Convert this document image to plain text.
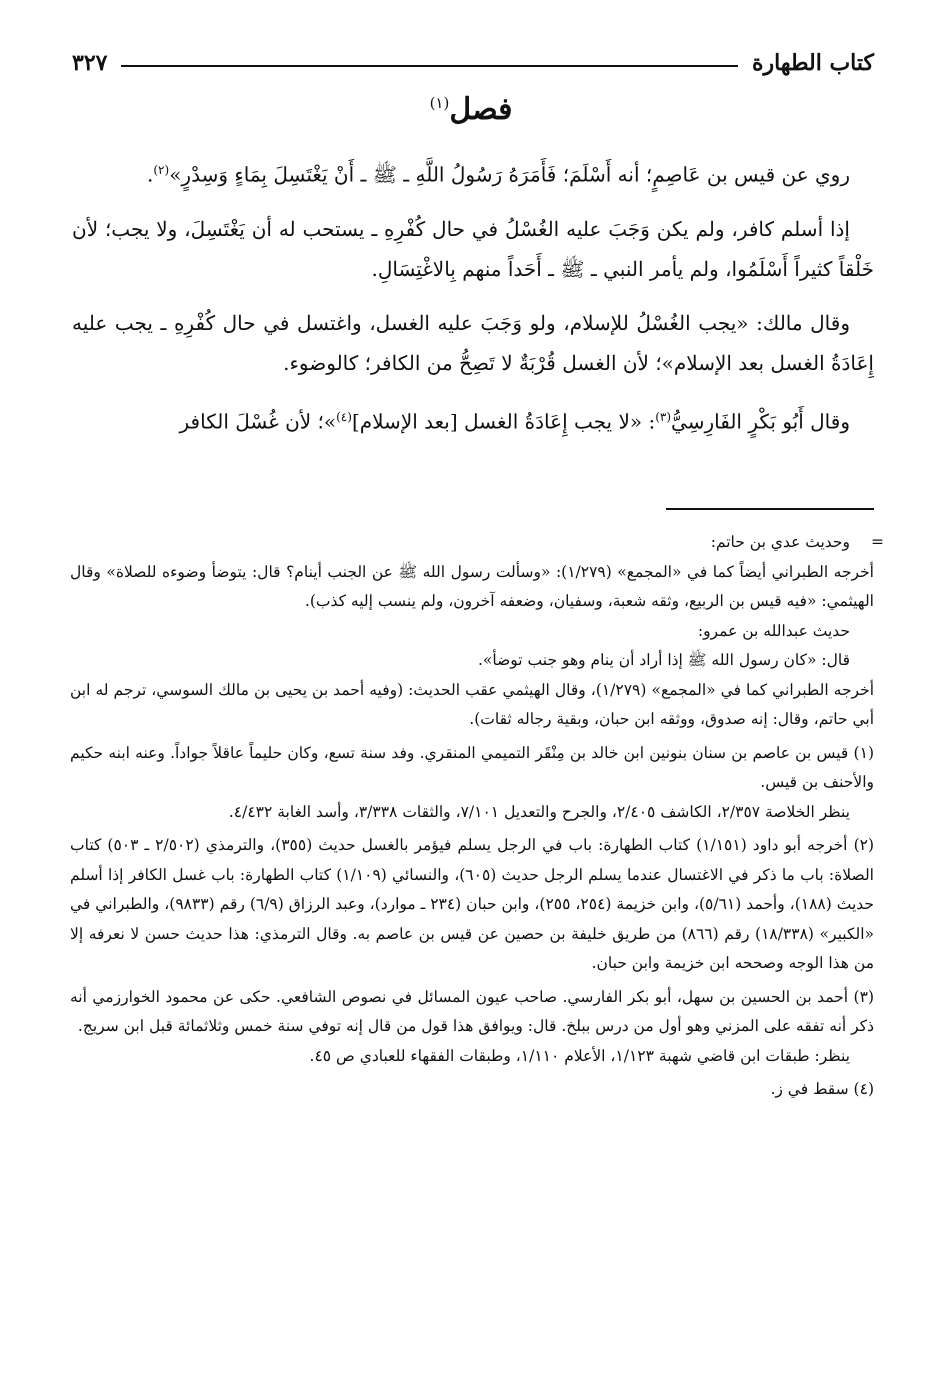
كتاب الطهارة
٣٢٧
فصل$^{(١)}$

روي عن قيس بن عَاصِمٍ؛ أنه أَسْلَمَ؛ فَأَمَرَهُ رَسُولُ اللَّهِ ـ ﷺ ـ أَنْ يَغْتَسِلَ بِمَاءٍ وَسِدْرٍ»$^{(٢)}$.

إذا أسلم كافر، ولم يكن وَجَبَ عليه الغُسْلُ في حال كُفْرِهِ ـ يستحب له أن يَغْتَسِلَ، ولا يجب؛ لأن خَلْقاً كثيراً أَسْلَمُوا، ولم يأمر النبي ـ ﷺ ـ أَحَداً منهم بِالاغْتِسَالِ.

وقال مالك: «يجب الغُسْلُ للإسلام، ولو وَجَبَ عليه الغسل، واغتسل في حال كُفْرِهِ ـ يجب عليه إِعَادَةُ الغسل بعد الإسلام»؛ لأن الغسل قُرْبَةٌ لا تَصِحُّ من الكافر؛ كالوضوء.

وقال أَبُو بَكْرٍ الفَارِسِيُّ$^{(٣)}$: «لا يجب إِعَادَةُ الغسل [بعد الإسلام]$^{(٤)}$»؛ لأن غُسْلَ الكافر

=

وحديث عدي بن حاتم:

أخرجه الطبراني أيضاً كما في «المجمع» (١/٢٧٩): «وسألت رسول الله ﷺ عن الجنب أينام؟ قال: يتوضأ وضوءه للصلاة» وقال الهيثمي: «فيه قيس بن الربيع، وثقه شعبة، وسفيان، وضعفه آخرون، ولم ينسب إليه كذب).

حديث عبدالله بن عمرو:

قال: «كان رسول الله ﷺ إذا أراد أن ينام وهو جنب توضأ».

أخرجه الطبراني كما في «المجمع» (١/٢٧٩)، وقال الهيثمي عقب الحديث: (وفيه أحمد بن يحيى بن مالك السوسي، ترجم له ابن أبي حاتم، وقال: إنه صدوق، ووثقه ابن حبان، وبقية رجاله ثقات).

(١) قيس بن عاصم بن سنان بنونين ابن خالد بن مِنْقَر التميمي المنقري. وفد سنة تسع، وكان حليماً عاقلاً جواداً. وعنه ابنه حكيم والأحنف بن قيس.

ينظر الخلاصة ٢/٣٥٧، الكاشف ٢/٤٠٥، والجرح والتعديل ٧/١٠١، والثقات ٣/٣٣٨، وأسد الغابة ٤/٤٣٢.

(٢) أخرجه أبو داود (١/١٥١) كتاب الطهارة: باب في الرجل يسلم فيؤمر بالغسل حديث (٣٥٥)، والترمذي (٢/٥٠٢ ـ ٥٠٣) كتاب الصلاة: باب ما ذكر في الاغتسال عندما يسلم الرجل حديث (٦٠٥)، والنسائي (١/١٠٩) كتاب الطهارة: باب غسل الكافر إذا أسلم حديث (١٨٨)، وأحمد (٥/٦١)، وابن خزيمة (٢٥٤، ٢٥٥)، وابن حبان (٢٣٤ ـ موارد)، وعبد الرزاق (٦/٩) رقم (٩٨٣٣)، والطبراني في «الكبير» (١٨/٣٣٨) رقم (٨٦٦) من طريق خليفة بن حصين عن قيس بن عاصم به. وقال الترمذي: هذا حديث حسن لا نعرفه إلا من هذا الوجه وصححه ابن خزيمة وابن حبان.

(٣) أحمد بن الحسين بن سهل، أبو بكر الفارسي. صاحب عيون المسائل في نصوص الشافعي. حكى عن محمود الخوارزمي أنه ذكر أنه تفقه على المزني وهو أول من درس ببلخ. قال: ويوافق هذا قول من قال إنه توفي سنة خمس وثلاثمائة قبل ابن سريج.

ينظر: طبقات ابن قاضي شهبة ١/١٢٣، الأعلام ١/١١٠، وطبقات الفقهاء للعبادي ص ٤٥.

(٤) سقط في ز.
